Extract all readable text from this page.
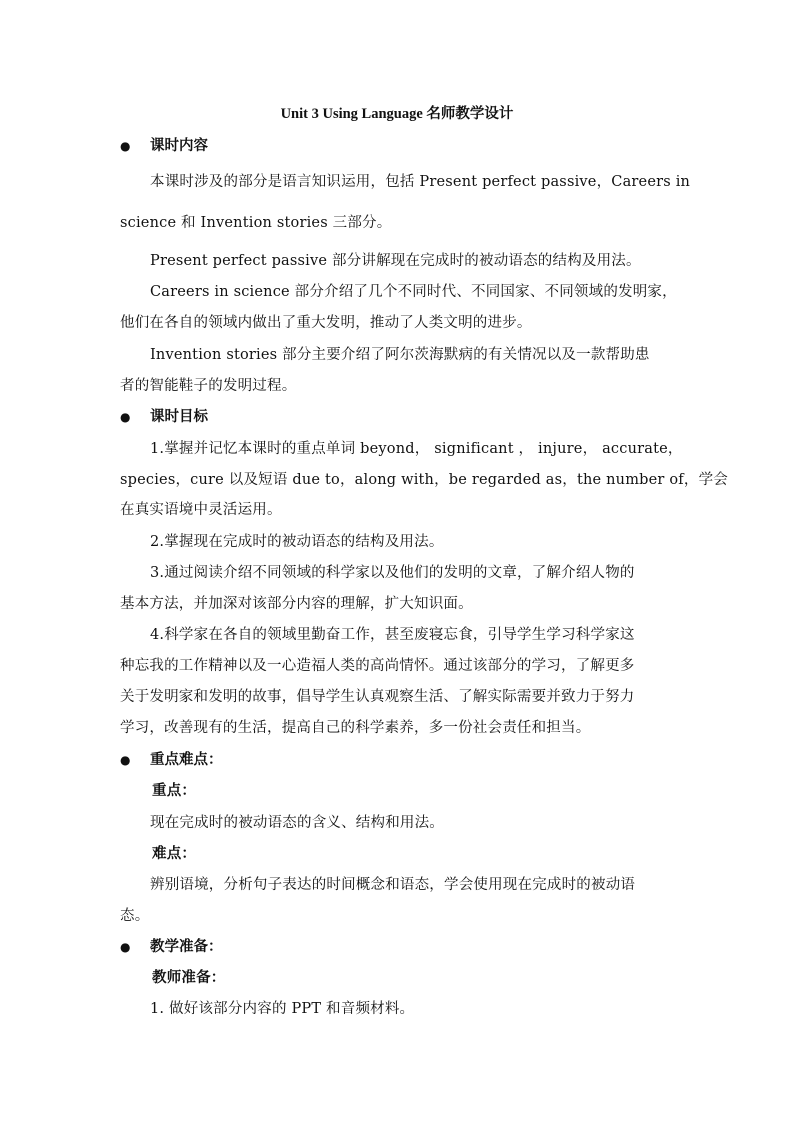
Unit 3 Using Language 名师教学设计
● 课时内容
本课时涉及的部分是语言知识运用，包括 Present perfect passive，Careers in
science 和 Invention stories 三部分。
Present perfect passive 部分讲解现在完成时的被动语态的结构及用法。
Careers in science 部分介绍了几个不同时代、不同国家、不同领域的发明家，
他们在各自的领域内做出了重大发明，推动了人类文明的进步。
Invention stories 部分主要介绍了阿尔茨海默病的有关情况以及一款帮助患
者的智能鞋子的发明过程。
● 课时目标
1.掌握并记忆本课时的重点单词 beyond， significant ， injure， accurate，
species，cure 以及短语 due to，along with，be regarded as，the number of，学会
在真实语境中灵活运用。
2.掌握现在完成时的被动语态的结构及用法。
3.通过阅读介绍不同领域的科学家以及他们的发明的文章，了解介绍人物的
基本方法，并加深对该部分内容的理解，扩大知识面。
4.科学家在各自的领域里勤奋工作，甚至废寝忘食，引导学生学习科学家这
种忘我的工作精神以及一心造福人类的高尚情怀。通过该部分的学习，了解更多
关于发明家和发明的故事，倡导学生认真观察生活、了解实际需要并致力于努力
学习，改善现有的生活，提高自己的科学素养，多一份社会责任和担当。
● 重点难点：
重点：
现在完成时的被动语态的含义、结构和用法。
难点：
辨别语境，分析句子表达的时间概念和语态，学会使用现在完成时的被动语
态。
● 教学准备：
教师准备：
1. 做好该部分内容的 PPT 和音频材料。
